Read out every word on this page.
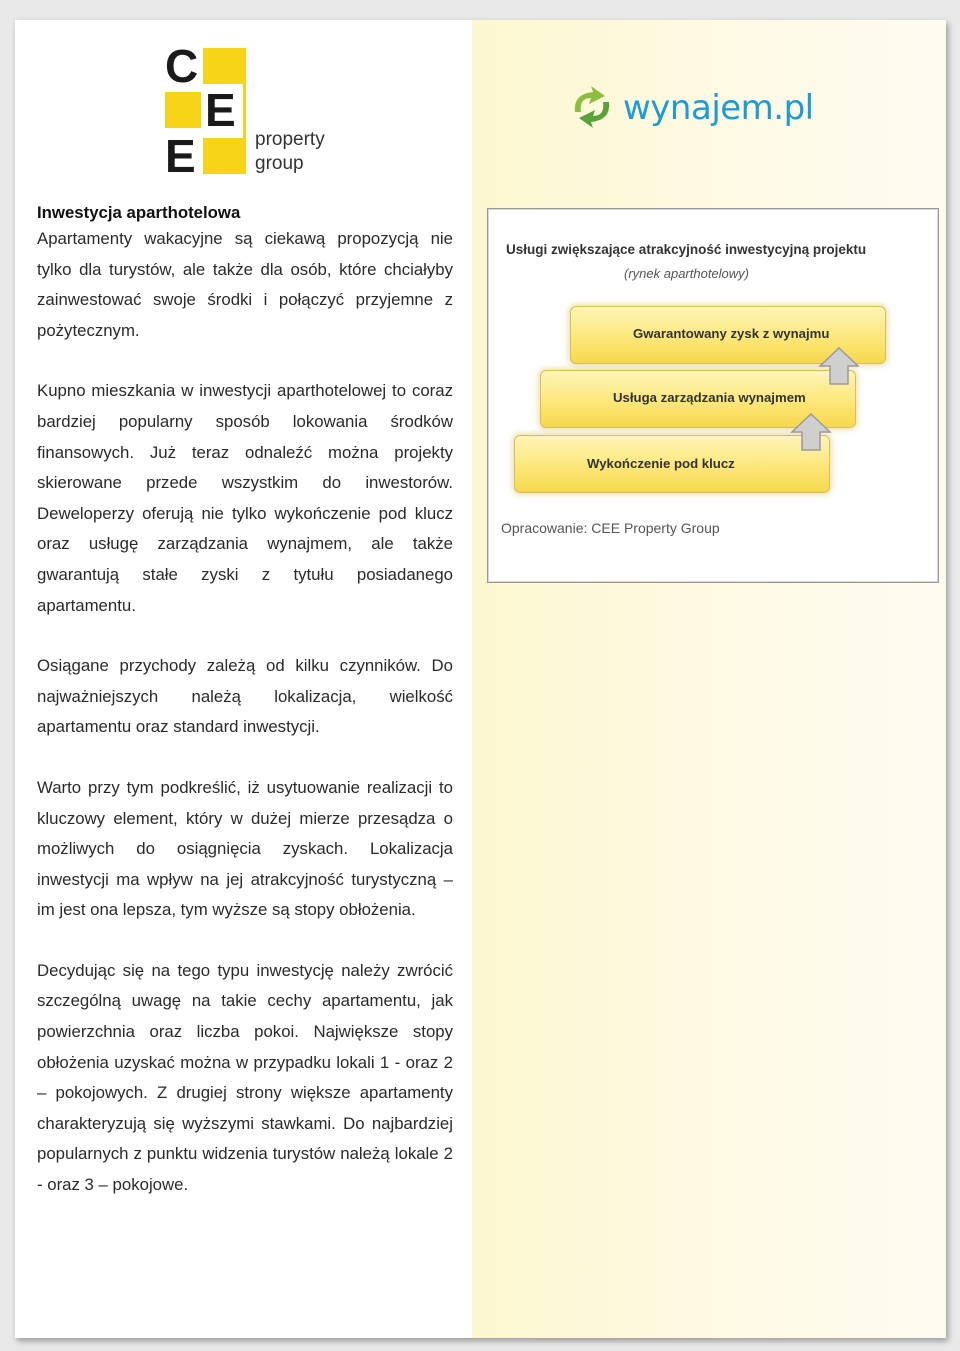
C
E
E	property
group
wynajem.pl
Inwestycja aparthotelowa

Apartamenty wakacyjne są ciekawą propozycją nie tylko dla turystów, ale także dla osób, które chciałyby zainwestować swoje środki i połączyć przyjemne z pożytecznym.

Kupno mieszkania w inwestycji aparthotelowej to coraz bardziej popularny sposób lokowania środków finansowych. Już teraz odnaleźć można projekty skierowane przede wszystkim do inwestorów. Deweloperzy oferują nie tylko wykończenie pod klucz oraz usługę zarządzania wynajmem, ale także gwarantują stałe zyski z tytułu posiadanego apartamentu.

Osiągane przychody zależą od kilku czynników. Do najważniejszych należą lokalizacja, wielkość apartamentu oraz standard inwestycji.

Warto przy tym podkreślić, iż usytuowanie realizacji to kluczowy element, który w dużej mierze przesądza o możliwych do osiągnięcia zyskach. Lokalizacja inwestycji ma wpływ na jej atrakcyjność turystyczną – im jest ona lepsza, tym wyższe są stopy obłożenia.

Decydując się na tego typu inwestycję należy zwrócić szczególną uwagę na takie cechy apartamentu, jak powierzchnia oraz liczba pokoi. Największe stopy obłożenia uzyskać można w przypadku lokali 1 - oraz 2 – pokojowych. Z drugiej strony większe apartamenty charakteryzują się wyższymi stawkami. Do najbardziej popularnych z punktu widzenia turystów należą lokale 2 - oraz 3 – pokojowe.

Usługi zwiększające atrakcyjność inwestycyjną projektu
(rynek aparthotelowy)
Gwarantowany zysk z wynajmu
Usługa zarządzania wynajmem
Wykończenie pod klucz
Opracowanie: CEE Property Group
